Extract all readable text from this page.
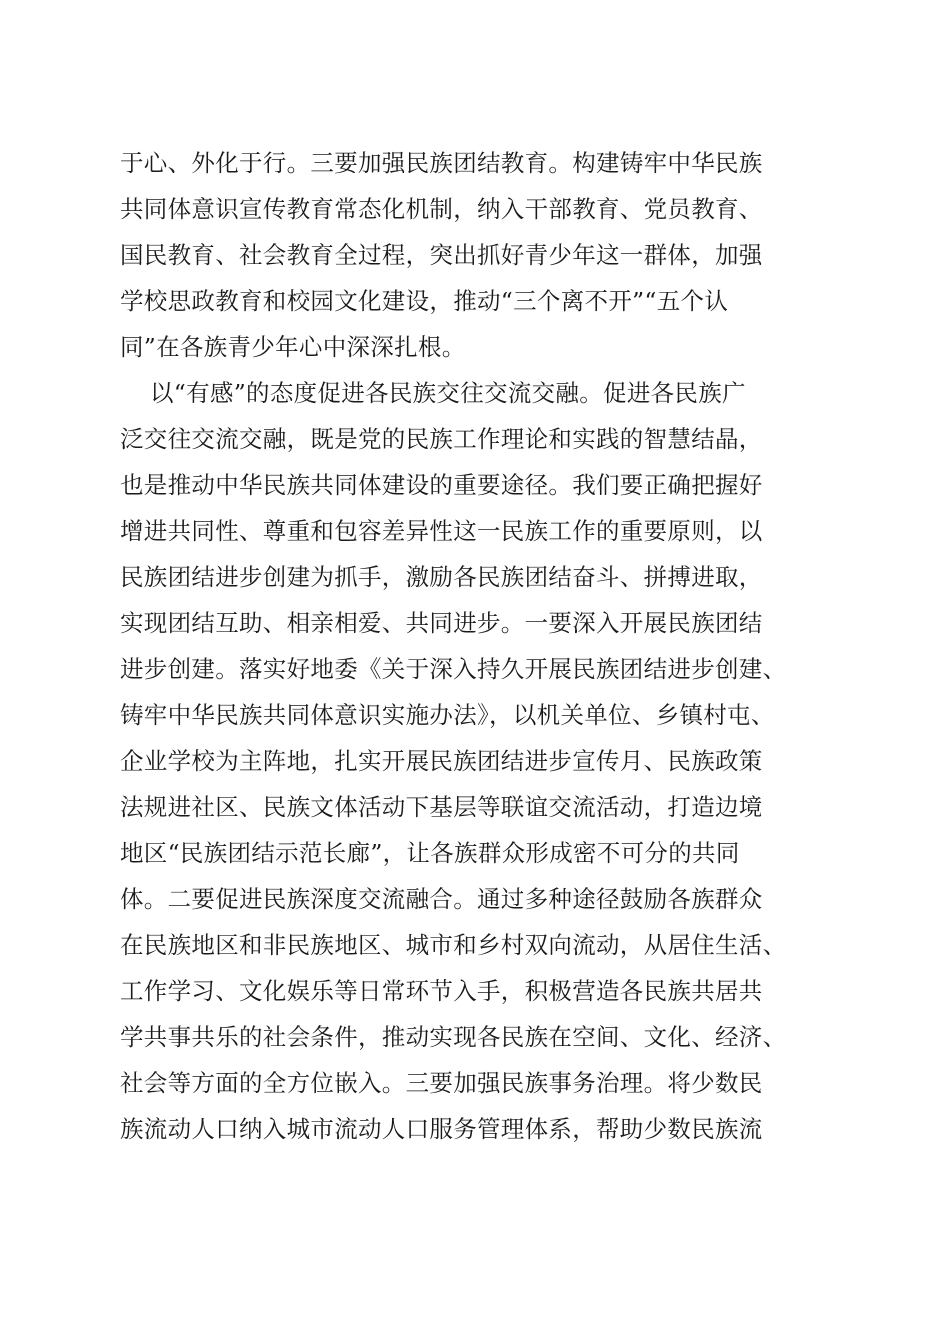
于心、外化于行。三要加强民族团结教育。构建铸牢中华民族
共同体意识宣传教育常态化机制，纳入干部教育、党员教育、
国民教育、社会教育全过程，突出抓好青少年这一群体，加强
学校思政教育和校园文化建设，推动“三个离不开”“五个认
同”在各族青少年心中深深扎根。
以“有感”的态度促进各民族交往交流交融。促进各民族广
泛交往交流交融，既是党的民族工作理论和实践的智慧结晶，
也是推动中华民族共同体建设的重要途径。我们要正确把握好
增进共同性、尊重和包容差异性这一民族工作的重要原则，以
民族团结进步创建为抓手，激励各民族团结奋斗、拼搏进取，
实现团结互助、相亲相爱、共同进步。一要深入开展民族团结
进步创建。落实好地委《关于深入持久开展民族团结进步创建、
铸牢中华民族共同体意识实施办法》，以机关单位、乡镇村屯、
企业学校为主阵地，扎实开展民族团结进步宣传月、民族政策
法规进社区、民族文体活动下基层等联谊交流活动，打造边境
地区“民族团结示范长廊”，让各族群众形成密不可分的共同
体。二要促进民族深度交流融合。通过多种途径鼓励各族群众
在民族地区和非民族地区、城市和乡村双向流动，从居住生活、
工作学习、文化娱乐等日常环节入手，积极营造各民族共居共
学共事共乐的社会条件，推动实现各民族在空间、文化、经济、
社会等方面的全方位嵌入。三要加强民族事务治理。将少数民
族流动人口纳入城市流动人口服务管理体系，帮助少数民族流
